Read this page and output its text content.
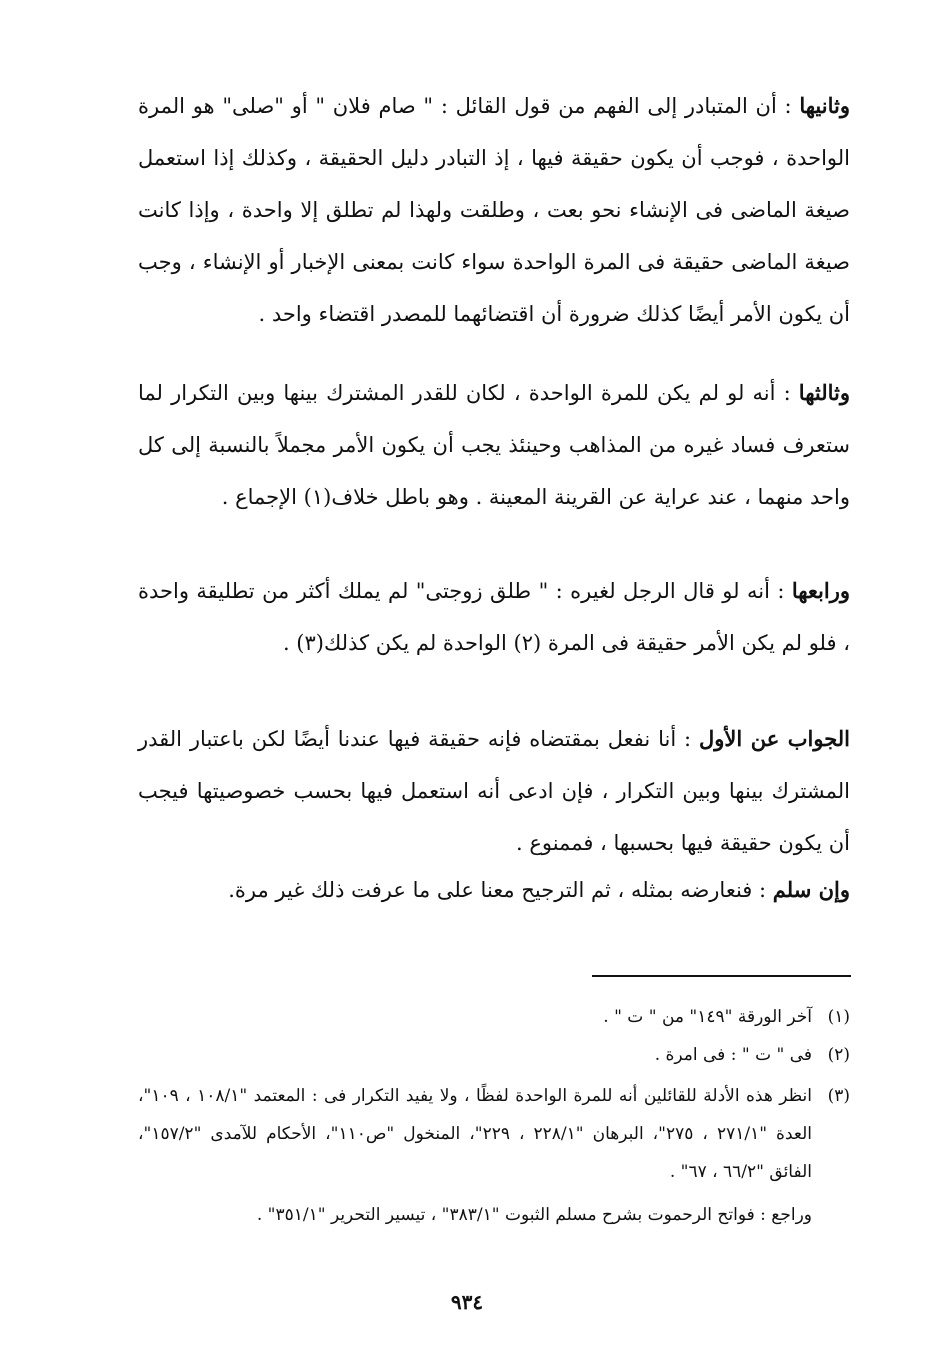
وثانيها : أن المتبادر إلى الفهم من قول القائل : " صام فلان " أو "صلى" هو المرة الواحدة ، فوجب أن يكون حقيقة فيها ، إذ التبادر دليل الحقيقة ، وكذلك إذا استعمل صيغة الماضى فى الإنشاء نحو بعت ، وطلقت ولهذا لم تطلق إلا واحدة ، وإذا كانت صيغة الماضى حقيقة فى المرة الواحدة سواء كانت بمعنى الإخبار أو الإنشاء ، وجب أن يكون الأمر أيضًا كذلك ضرورة أن اقتضائهما للمصدر اقتضاء واحد .

وثالثها : أنه لو لم يكن للمرة الواحدة ، لكان للقدر المشترك بينها وبين التكرار لما ستعرف فساد غيره من المذاهب وحينئذ يجب أن يكون الأمر مجملاً بالنسبة إلى كل واحد منهما ، عند عراية عن القرينة المعينة . وهو باطل خلاف(١) الإجماع .

ورابعها : أنه لو قال الرجل لغيره : " طلق زوجتى" لم يملك أكثر من تطليقة واحدة ، فلو لم يكن الأمر حقيقة فى المرة (٢) الواحدة لم يكن كذلك(٣) .

الجواب عن الأول : أنا نفعل بمقتضاه فإنه حقيقة فيها عندنا أيضًا لكن باعتبار القدر المشترك بينها وبين التكرار ، فإن ادعى أنه استعمل فيها بحسب خصوصيتها فيجب أن يكون حقيقة فيها بحسبها ، فممنوع .

وإن سلم : فنعارضه بمثله ، ثم الترجيح معنا على ما عرفت ذلك غير مرة.

(١)آخر الورقة "١٤٩" من " ت " .

(٢)فى " ت " : فى امرة .

(٣)انظر هذه الأدلة للقائلين أنه للمرة الواحدة لفظًا ، ولا يفيد التكرار فى : المعتمد "١٠٨/١ ، ١٠٩"، العدة "٢٧١/١ ، ٢٧٥"، البرهان "٢٢٨/١ ، ٢٢٩"، المنخول "ص١١٠"، الأحكام للآمدى "١٥٧/٢"، الفائق "٦٦/٢ ، ٦٧" .

وراجع : فواتح الرحموت بشرح مسلم الثبوت "٣٨٣/١" ، تيسير التحرير "٣٥١/١" .

٩٣٤
